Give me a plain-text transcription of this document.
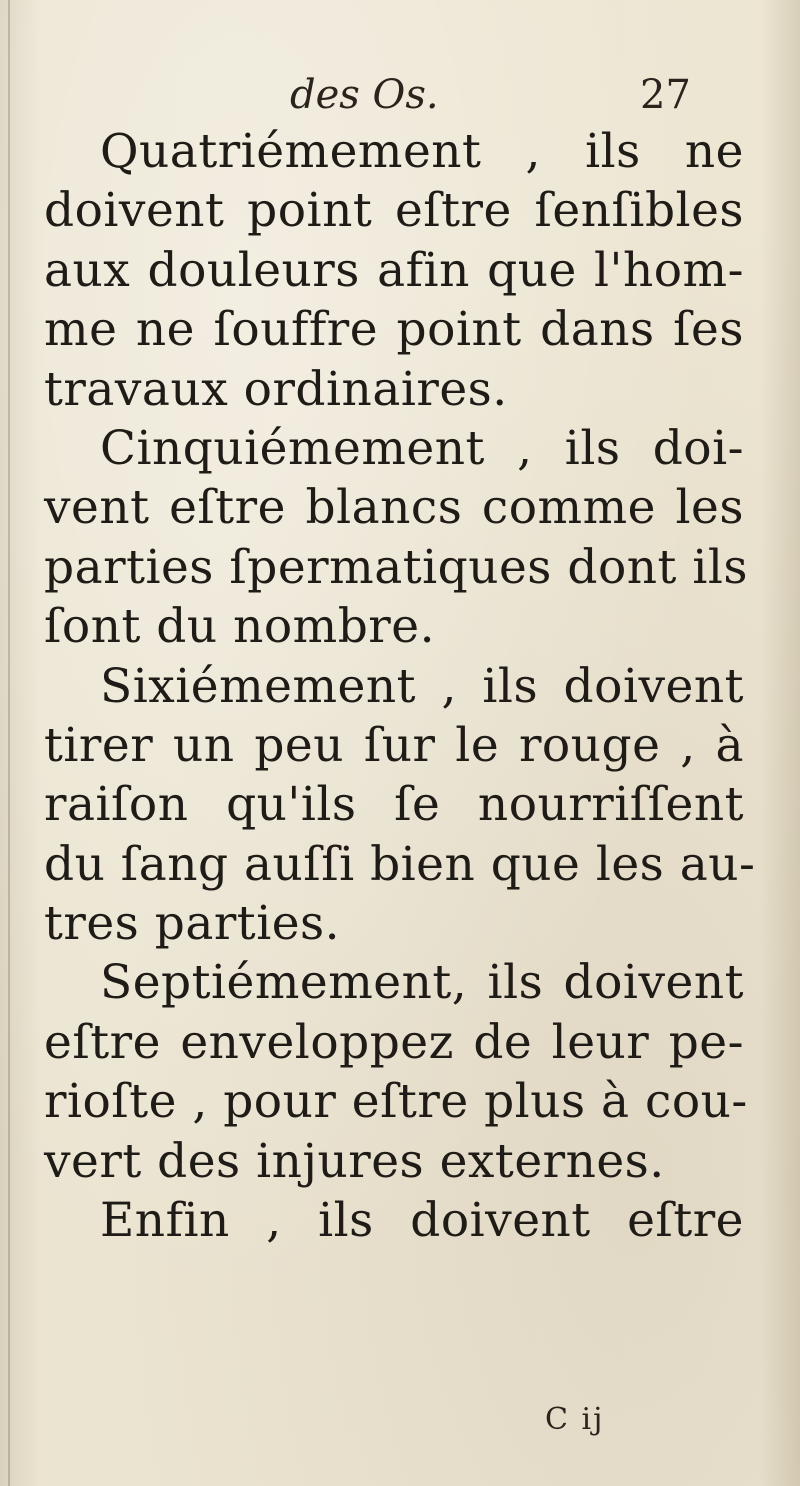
des Os.	27
Quatriémement , ils ne
doivent point eſtre ſenſibles
aux douleurs afin que l'hom-
me ne ſouffre point dans ſes
travaux ordinaires.
Cinquiémement , ils doi-
vent eſtre blancs comme les
parties ſpermatiques dont ils
ſont du nombre.
Sixiémement , ils doivent
tirer un peu ſur le rouge , à
raiſon qu'ils ſe nourriſſent
du ſang auſſi bien que les au-
tres parties.
Septiémement, ils doivent
eſtre enveloppez de leur pe-
rioſte , pour eſtre plus à cou-
vert des injures externes.
Enfin , ils doivent eſtre
C ij
